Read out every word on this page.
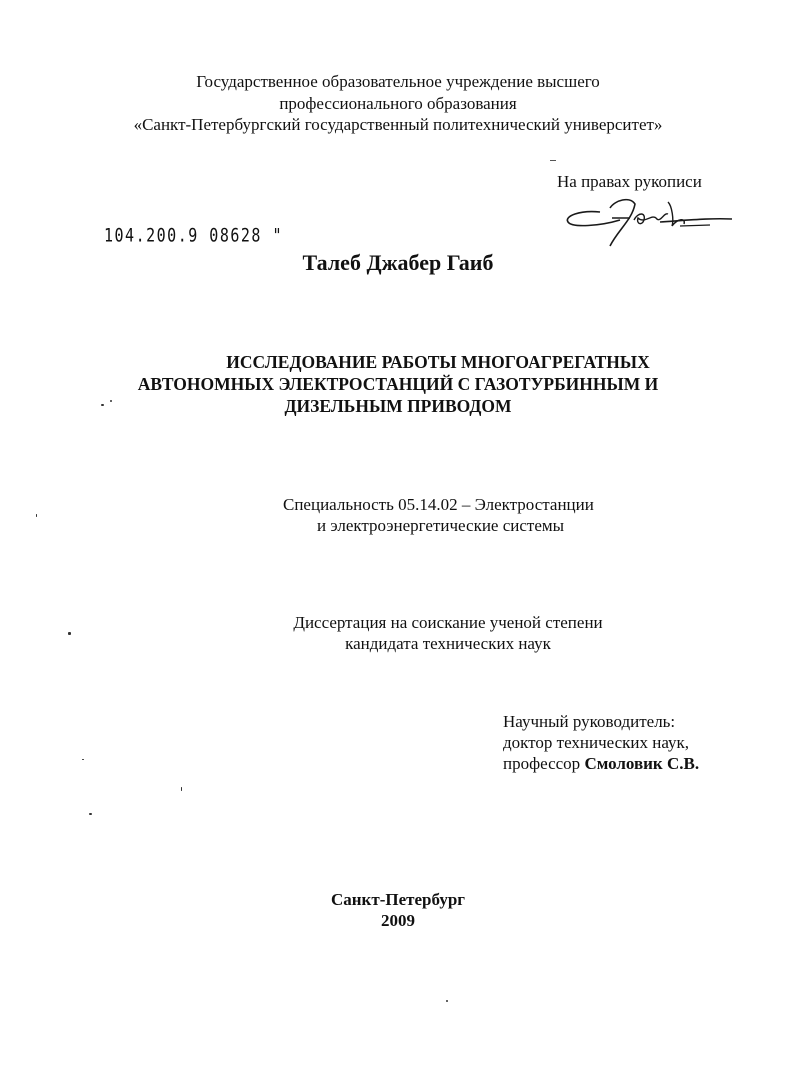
Государственное образовательное учреждение высшего
профессионального образования
«Санкт-Петербургский государственный политехнический университет»
На правах рукописи
104.200.9 08628 "
Талеб Джабер Гаиб
ИССЛЕДОВАНИЕ РАБОТЫ МНОГОАГРЕГАТНЫХ
АВТОНОМНЫХ ЭЛЕКТРОСТАНЦИЙ С ГАЗОТУРБИННЫМ И
ДИЗЕЛЬНЫМ ПРИВОДОМ
Специальность 05.14.02 – Электростанции
и электроэнергетические системы
Диссертация на соискание ученой степени
кандидата технических наук
Научный руководитель:
доктор технических наук,
профессор Смоловик С.В.
Санкт-Петербург
2009
